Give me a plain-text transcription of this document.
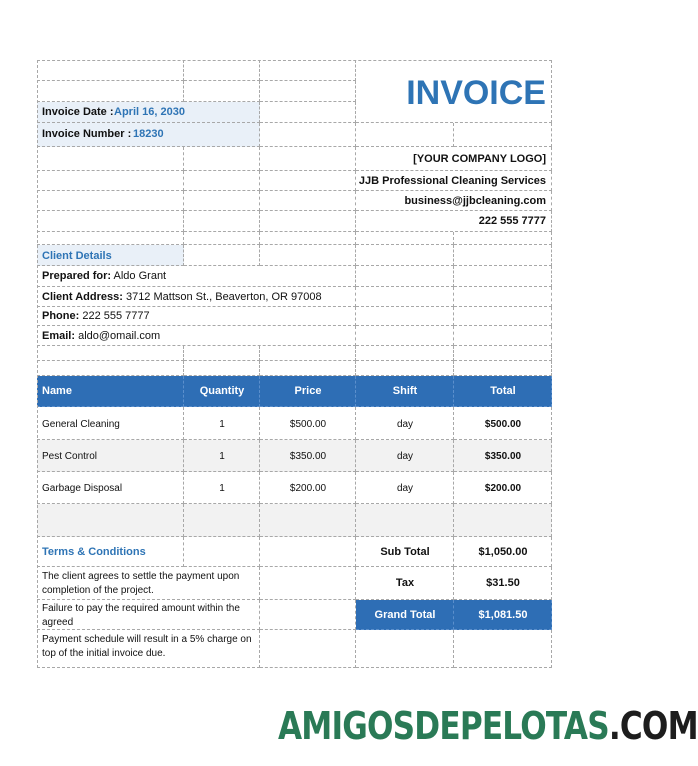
INVOICE
Invoice Date : April 16, 2030
Invoice Number : 18230
[YOUR COMPANY LOGO]
JJB Professional Cleaning Services
business@jjbcleaning.com
222 555 7777
Client Details
Prepared for: Aldo Grant
Client Address: 3712 Mattson St., Beaverton, OR 97008
Phone: 222 555 7777
Email: aldo@omail.com
Name	Quantity	Price	Shift	Total
General Cleaning	1	$500.00	day	$500.00
Pest Control	1	$350.00	day	$350.00
Garbage Disposal	1	$200.00	day	$200.00
Terms & Conditions	Sub Total	$1,050.00
The client agrees to settle the payment upon
completion of the project.
Tax	$31.50
Failure to pay the required amount within the
agreed
Grand Total	$1,081.50
Payment schedule will result in a 5% charge on
top of the initial invoice due.
AMIGOSDEPELOTAS.COM
